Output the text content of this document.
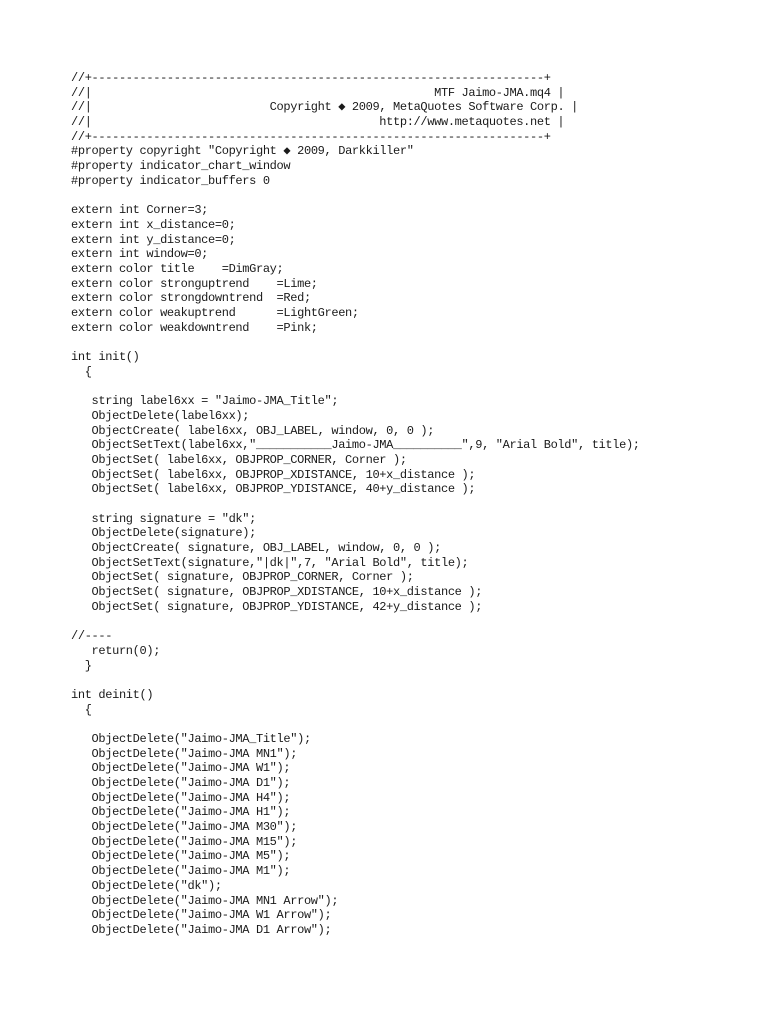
//+------------------------------------------------------------------+
//|                                                  MTF Jaimo-JMA.mq4 |
//|                          Copyright ◆ 2009, MetaQuotes Software Corp. |
//|                                          http://www.metaquotes.net |
//+------------------------------------------------------------------+
#property copyright "Copyright ◆ 2009, Darkkiller"
#property indicator_chart_window
#property indicator_buffers 0
extern int Corner=3;
extern int x_distance=0;
extern int y_distance=0;
extern int window=0;
extern color title    =DimGray;
extern color stronguptrend    =Lime;
extern color strongdowntrend  =Red;
extern color weakuptrend      =LightGreen;
extern color weakdowntrend    =Pink;
int init()
{
string label6xx = "Jaimo-JMA_Title";
ObjectDelete(label6xx);
ObjectCreate( label6xx, OBJ_LABEL, window, 0, 0 );
ObjectSetText(label6xx,"___________Jaimo-JMA__________",9, "Arial Bold", title);
ObjectSet( label6xx, OBJPROP_CORNER, Corner );
ObjectSet( label6xx, OBJPROP_XDISTANCE, 10+x_distance );
ObjectSet( label6xx, OBJPROP_YDISTANCE, 40+y_distance );
string signature = "dk";
ObjectDelete(signature);
ObjectCreate( signature, OBJ_LABEL, window, 0, 0 );
ObjectSetText(signature,"|dk|",7, "Arial Bold", title);
ObjectSet( signature, OBJPROP_CORNER, Corner );
ObjectSet( signature, OBJPROP_XDISTANCE, 10+x_distance );
ObjectSet( signature, OBJPROP_YDISTANCE, 42+y_distance );
//----
return(0);
}
int deinit()
{
ObjectDelete("Jaimo-JMA_Title");
ObjectDelete("Jaimo-JMA MN1");
ObjectDelete("Jaimo-JMA W1");
ObjectDelete("Jaimo-JMA D1");
ObjectDelete("Jaimo-JMA H4");
ObjectDelete("Jaimo-JMA H1");
ObjectDelete("Jaimo-JMA M30");
ObjectDelete("Jaimo-JMA M15");
ObjectDelete("Jaimo-JMA M5");
ObjectDelete("Jaimo-JMA M1");
ObjectDelete("dk");
ObjectDelete("Jaimo-JMA MN1 Arrow");
ObjectDelete("Jaimo-JMA W1 Arrow");
ObjectDelete("Jaimo-JMA D1 Arrow");
